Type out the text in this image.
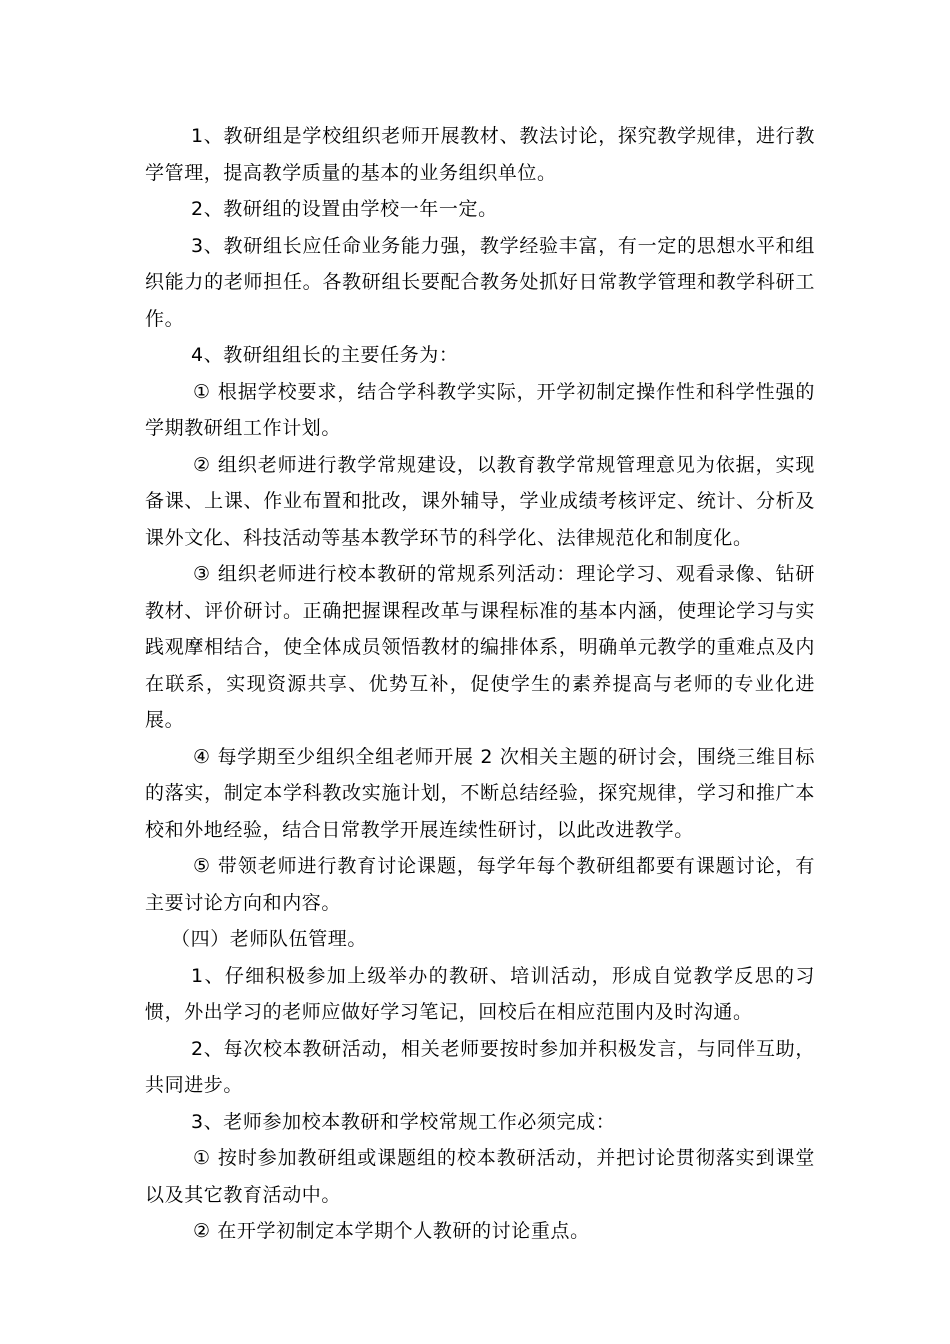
1、教研组是学校组织老师开展教材、教法讨论，探究教学规律，进行教学管理，提高教学质量的基本的业务组织单位。

2、教研组的设置由学校一年一定。

3、教研组长应任命业务能力强，教学经验丰富，有一定的思想水平和组织能力的老师担任。各教研组长要配合教务处抓好日常教学管理和教学科研工作。

4、教研组组长的主要任务为：

① 根据学校要求，结合学科教学实际，开学初制定操作性和科学性强的学期教研组工作计划。

② 组织老师进行教学常规建设，以教育教学常规管理意见为依据，实现备课、上课、作业布置和批改，课外辅导，学业成绩考核评定、统计、分析及课外文化、科技活动等基本教学环节的科学化、法律规范化和制度化。

③ 组织老师进行校本教研的常规系列活动：理论学习、观看录像、钻研教材、评价研讨。正确把握课程改革与课程标准的基本内涵，使理论学习与实践观摩相结合，使全体成员领悟教材的编排体系，明确单元教学的重难点及内在联系，实现资源共享、优势互补，促使学生的素养提高与老师的专业化进展。

④ 每学期至少组织全组老师开展 2 次相关主题的研讨会，围绕三维目标的落实，制定本学科教改实施计划，不断总结经验，探究规律，学习和推广本校和外地经验，结合日常教学开展连续性研讨，以此改进教学。

⑤ 带领老师进行教育讨论课题，每学年每个教研组都要有课题讨论，有主要讨论方向和内容。

（四）老师队伍管理。

1、仔细积极参加上级举办的教研、培训活动，形成自觉教学反思的习惯，外出学习的老师应做好学习笔记，回校后在相应范围内及时沟通。

2、每次校本教研活动，相关老师要按时参加并积极发言，与同伴互助，共同进步。

3、老师参加校本教研和学校常规工作必须完成：

① 按时参加教研组或课题组的校本教研活动，并把讨论贯彻落实到课堂以及其它教育活动中。

② 在开学初制定本学期个人教研的讨论重点。
